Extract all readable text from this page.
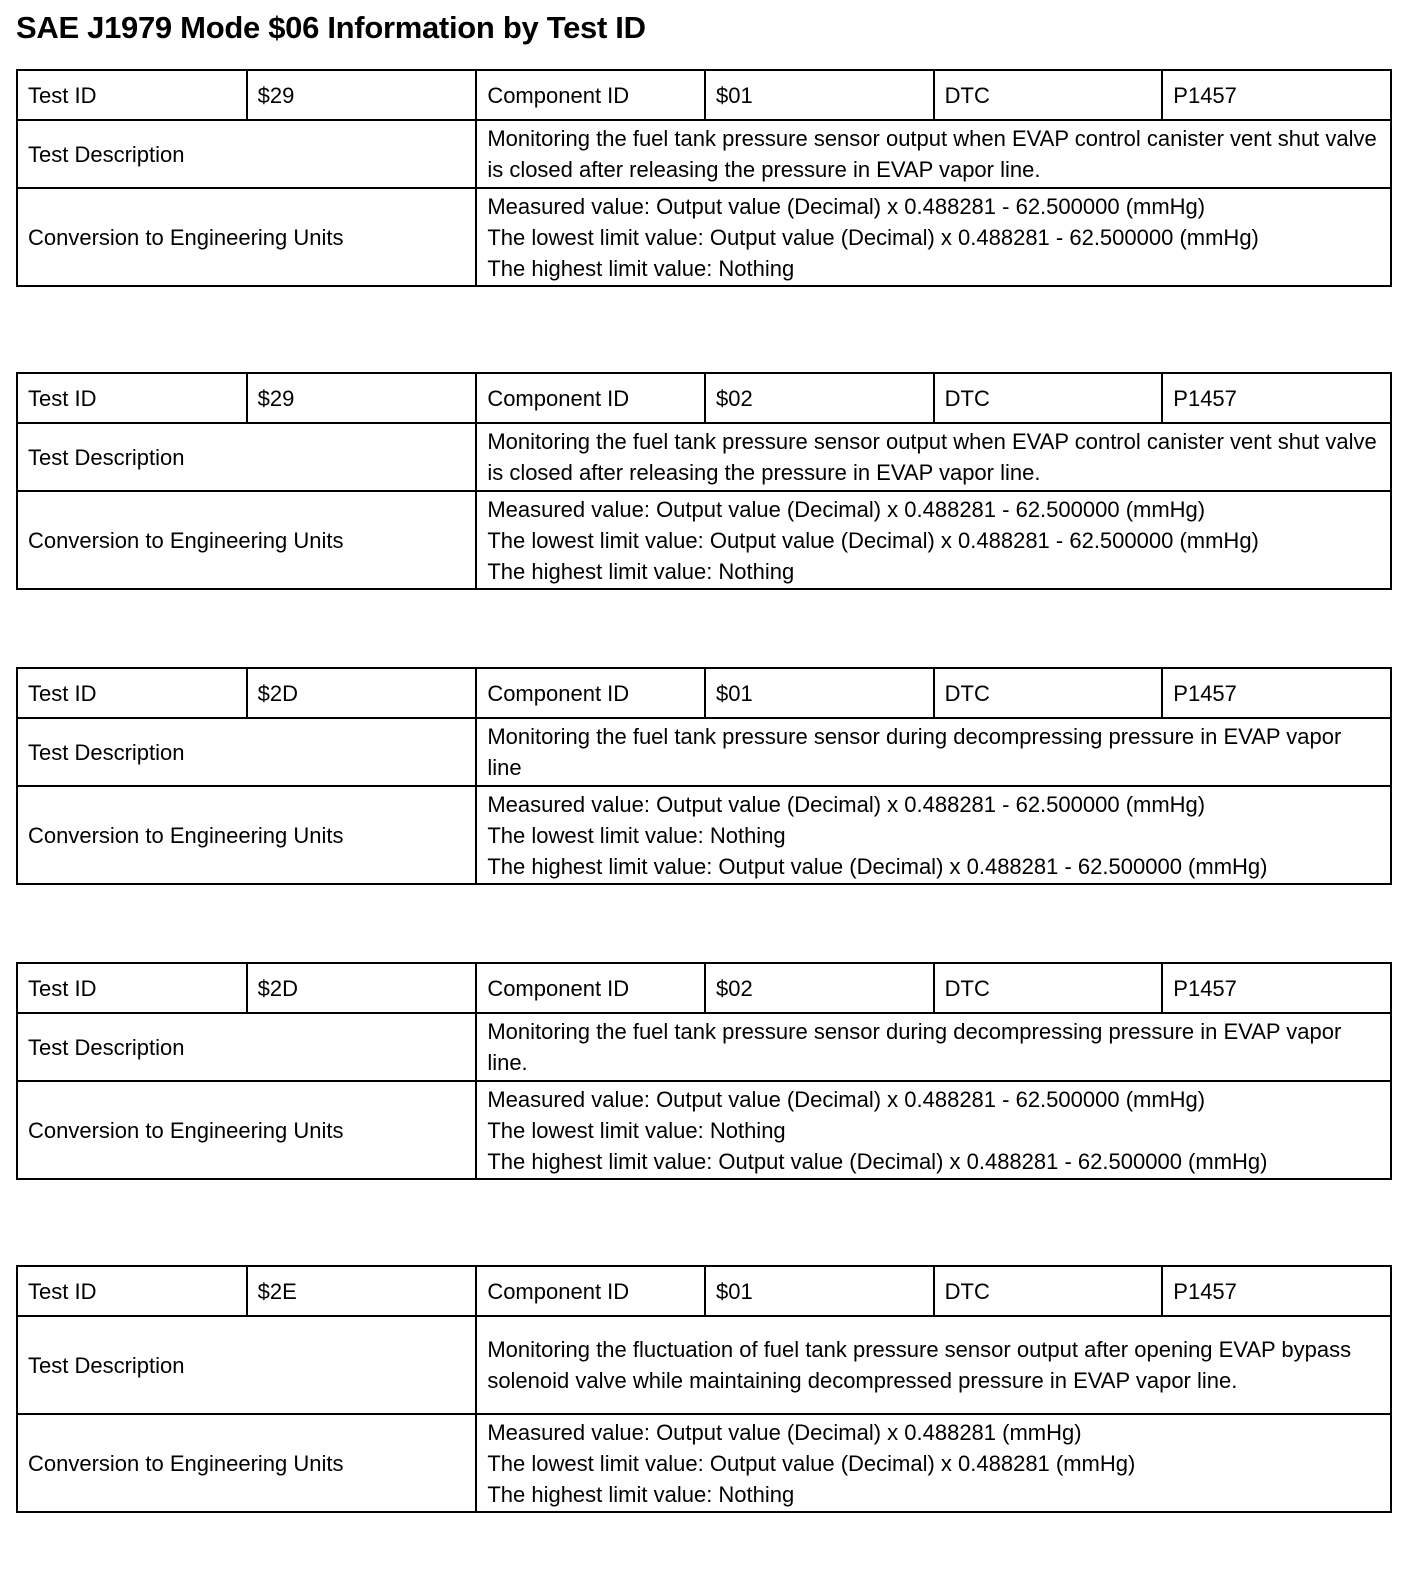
SAE J1979 Mode $06 Information by Test ID
Test ID	$29	Component ID	$01	DTC	P1457
Test Description		Monitoring the fuel tank pressure sensor output when EVAP control canister vent shut valve is closed after releasing the pressure in EVAP vapor line.			
Conversion to Engineering Units		Measured value: Output value (Decimal) x 0.488281 - 62.500000 (mmHg)
The lowest limit value: Output value (Decimal) x 0.488281 - 62.500000 (mmHg)
The highest limit value: Nothing			
Test ID	$29	Component ID	$02	DTC	P1457
Test Description		Monitoring the fuel tank pressure sensor output when EVAP control canister vent shut valve is closed after releasing the pressure in EVAP vapor line.			
Conversion to Engineering Units		Measured value: Output value (Decimal) x 0.488281 - 62.500000 (mmHg)
The lowest limit value: Output value (Decimal) x 0.488281 - 62.500000 (mmHg)
The highest limit value: Nothing			
Test ID	$2D	Component ID	$01	DTC	P1457
Test Description		Monitoring the fuel tank pressure sensor during decompressing pressure in EVAP vapor line			
Conversion to Engineering Units		Measured value: Output value (Decimal) x 0.488281 - 62.500000 (mmHg)
The lowest limit value: Nothing
The highest limit value: Output value (Decimal) x 0.488281 - 62.500000 (mmHg)			
Test ID	$2D	Component ID	$02	DTC	P1457
Test Description		Monitoring the fuel tank pressure sensor during decompressing pressure in EVAP vapor line.			
Conversion to Engineering Units		Measured value: Output value (Decimal) x 0.488281 - 62.500000 (mmHg)
The lowest limit value: Nothing
The highest limit value: Output value (Decimal) x 0.488281 - 62.500000 (mmHg)			
Test ID	$2E	Component ID	$01	DTC	P1457
Test Description		Monitoring the fluctuation of fuel tank pressure sensor output after opening EVAP bypass solenoid valve while maintaining decompressed pressure in EVAP vapor line.			
Conversion to Engineering Units		Measured value: Output value (Decimal) x 0.488281 (mmHg)
The lowest limit value: Output value (Decimal) x 0.488281 (mmHg)
The highest limit value: Nothing			
